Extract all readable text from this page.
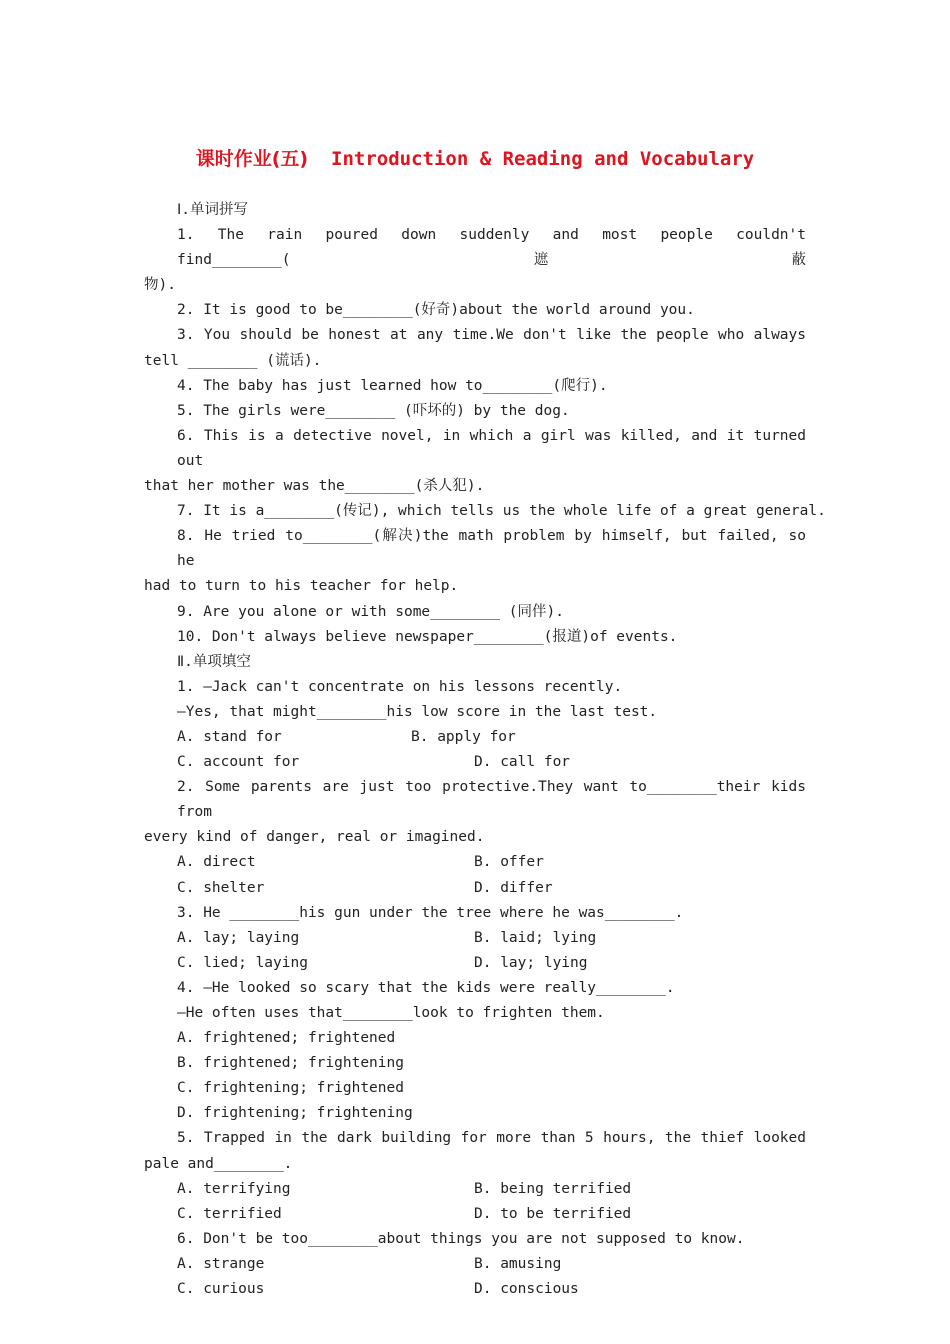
课时作业(五) Introduction & Reading and Vocabulary
Ⅰ.单词拼写
1. The rain poured down suddenly and most people couldn't find________(遮蔽
物).
2. It is good to be________(好奇)about the world around you.
3. You should be honest at any time.We don't like the people who always
tell ________ (谎话).
4. The baby has just learned how to________(爬行).
5. The girls were________ (吓坏的) by the dog.
6. This is a detective novel, in which a girl was killed, and it turned out
that her mother was the________(杀人犯).
7. It is a________(传记), which tells us the whole life of a great general.
8. He tried to________(解决)the math problem by himself, but failed, so he
had to turn to his teacher for help.
9. Are you alone or with some________ (同伴).
10. Don't always believe newspaper________(报道)of events.
Ⅱ.单项填空
1. —Jack can't concentrate on his lessons recently.
—Yes, that might________his low score in the last test.
A. stand for	B. apply for
C. account for	D. call for
2. Some parents are just too protective.They want to________their kids from
every kind of danger, real or imagined.
A. direct	B. offer
C. shelter	D. differ
3. He ________his gun under the tree where he was________.
A. lay; laying	B. laid; lying
C. lied; laying	D. lay; lying
4. —He looked so scary that the kids were really________.
—He often uses that________look to frighten them.
A. frightened; frightened
B. frightened; frightening
C. frightening; frightened
D. frightening; frightening
5. Trapped in the dark building for more than 5 hours, the thief looked
pale and________.
A. terrifying	B. being terrified
C. terrified	D. to be terrified
6. Don't be too________about things you are not supposed to know.
A. strange	B. amusing
C. curious	D. conscious
